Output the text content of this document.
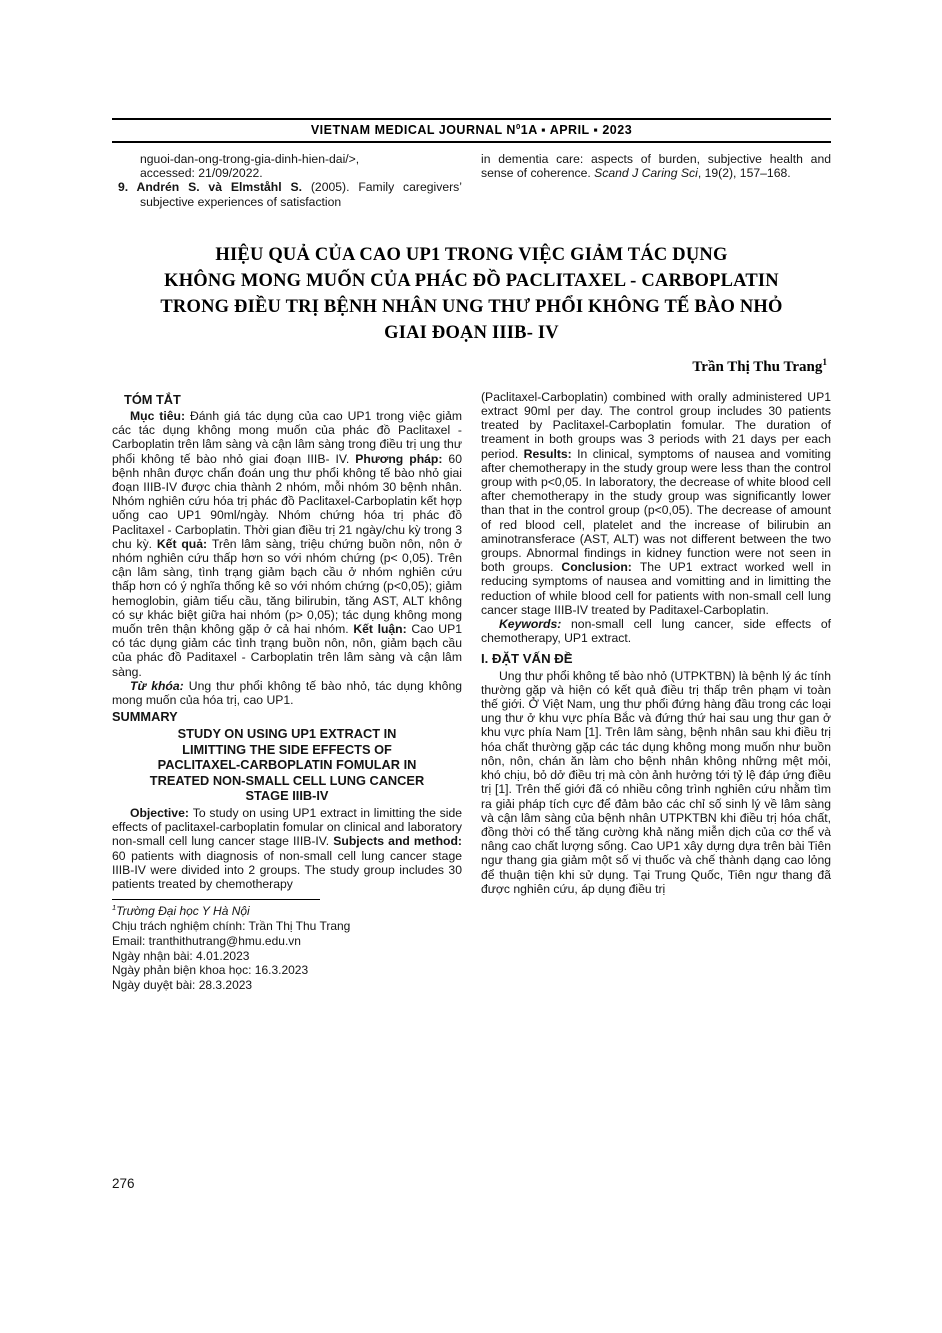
VIETNAM MEDICAL JOURNAL $N^01A$ ▪ APRIL ▪ 2023
nguoi-dan-ong-trong-gia-dinh-hien-dai/>,
accessed: 21/09/2022.
9. Andrén S. và Elmståhl S. (2005). Family caregivers’ subjective experiences of satisfaction
in dementia care: aspects of burden, subjective health and sense of coherence. Scand J Caring Sci, 19(2), 157–168.
HIỆU QUẢ CỦA CAO UP1 TRONG VIỆC GIẢM TÁC DỤNG
KHÔNG MONG MUỐN CỦA PHÁC ĐỒ PACLITAXEL - CARBOPLATIN
TRONG ĐIỀU TRỊ BỆNH NHÂN UNG THƯ PHỔI KHÔNG TẾ BÀO NHỎ
GIAI ĐOẠN IIIB- IV
Trần Thị Thu Trang$^1$
TÓM TẮT

Mục tiêu: Đánh giá tác dụng của cao UP1 trong việc giảm các tác dụng không mong muốn của phác đồ Paclitaxel - Carboplatin trên lâm sàng và cận lâm sàng trong điều trị ung thư phổi không tế bào nhỏ giai đoạn IIIB- IV. Phương pháp: 60 bệnh nhân được chẩn đoán ung thư phổi không tế bào nhỏ giai đoạn IIIB-IV được chia thành 2 nhóm, mỗi nhóm 30 bệnh nhân. Nhóm nghiên cứu hóa trị phác đồ Paclitaxel-Carboplatin kết hợp uống cao UP1 90ml/ngày. Nhóm chứng hóa trị phác đồ Paclitaxel - Carboplatin. Thời gian điều trị 21 ngày/chu kỳ trong 3 chu kỳ. Kết quả: Trên lâm sàng, triệu chứng buồn nôn, nôn ở nhóm nghiên cứu thấp hơn so với nhóm chứng (p< 0,05). Trên cận lâm sàng, tình trạng giảm bạch cầu ở nhóm nghiên cứu thấp hơn có ý nghĩa thống kê so với nhóm chứng (p<0,05); giảm hemoglobin, giảm tiểu cầu, tăng bilirubin, tăng AST, ALT không có sự khác biệt giữa hai nhóm (p> 0,05); tác dụng không mong muốn trên thận không gặp ở cả hai nhóm. Kết luận: Cao UP1 có tác dụng giảm các tình trạng buồn nôn, nôn, giảm bạch cầu của phác đồ Paditaxel - Carboplatin trên lâm sàng và cận lâm sàng.

Từ khóa: Ung thư phổi không tế bào nhỏ, tác dụng không mong muốn của hóa trị, cao UP1.

SUMMARY
STUDY ON USING UP1 EXTRACT IN
LIMITTING THE SIDE EFFECTS OF
PACLITAXEL-CARBOPLATIN FOMULAR IN
TREATED NON-SMALL CELL LUNG CANCER
STAGE IIIB-IV

Objective: To study on using UP1 extract in limitting the side effects of paclitaxel-carboplatin fomular on clinical and laboratory non-small cell lung cancer stage IIIB-IV. Subjects and method: 60 patients with diagnosis of non-small cell lung cancer stage IIIB-IV were divided into 2 groups. The study group includes 30 patients treated by chemotherapy

$^1$Trường Đại học Y Hà Nội
Chịu trách nghiệm chính: Trần Thị Thu Trang
Email: tranthithutrang@hmu.edu.vn
Ngày nhận bài: 4.01.2023
Ngày phản biện khoa học: 16.3.2023
Ngày duyệt bài: 28.3.2023

(Paclitaxel-Carboplatin) combined with orally administered UP1 extract 90ml per day. The control group includes 30 patients treated by Paclitaxel-Carboplatin fomular. The duration of treament in both groups was 3 periods with 21 days per each period. Results: In clinical, symptoms of nausea and vomiting after chemotherapy in the study group were less than the control group with p<0,05. In laboratory, the decrease of white blood cell after chemotherapy in the study group was significantly lower than that in the control group (p<0,05). The decrease of amount of red blood cell, platelet and the increase of bilirubin an aminotransferace (AST, ALT) was not different between the two groups. Abnormal findings in kidney function were not seen in both groups. Conclusion: The UP1 extract worked well in reducing symptoms of nausea and vomitting and in limitting the reduction of while blood cell for patients with non-small cell lung cancer stage IIIB-IV treated by Paditaxel-Carboplatin.

Keywords: non-small cell lung cancer, side effects of chemotherapy, UP1 extract.

I. ĐẶT VẤN ĐỀ

Ung thư phổi không tế bào nhỏ (UTPKTBN) là bệnh lý ác tính thường gặp và hiện có kết quả điều trị thấp trên phạm vi toàn thế giới. Ở Việt Nam, ung thư phổi đứng hàng đầu trong các loại ung thư ở khu vực phía Bắc và đứng thứ hai sau ung thư gan ở khu vực phía Nam [1]. Trên lâm sàng, bệnh nhân sau khi điều trị hóa chất thường gặp các tác dụng không mong muốn như buồn nôn, nôn, chán ăn làm cho bệnh nhân không những mệt mỏi, khó chịu, bỏ dở điều trị mà còn ảnh hưởng tới tỷ lệ đáp ứng điều trị [1]. Trên thế giới đã có nhiều công trình nghiên cứu nhằm tìm ra giải pháp tích cực để đảm bảo các chỉ số sinh lý về lâm sàng và cận lâm sàng của bệnh nhân UTPKTBN khi điều trị hóa chất, đồng thời có thể tăng cường khả năng miễn dịch của cơ thể và nâng cao chất lượng sống. Cao UP1 xây dựng dựa trên bài Tiên ngư thang gia giảm một số vị thuốc và chế thành dạng cao lỏng để thuận tiện khi sử dụng. Tại Trung Quốc, Tiên ngư thang đã được nghiên cứu, áp dụng điều trị

276
